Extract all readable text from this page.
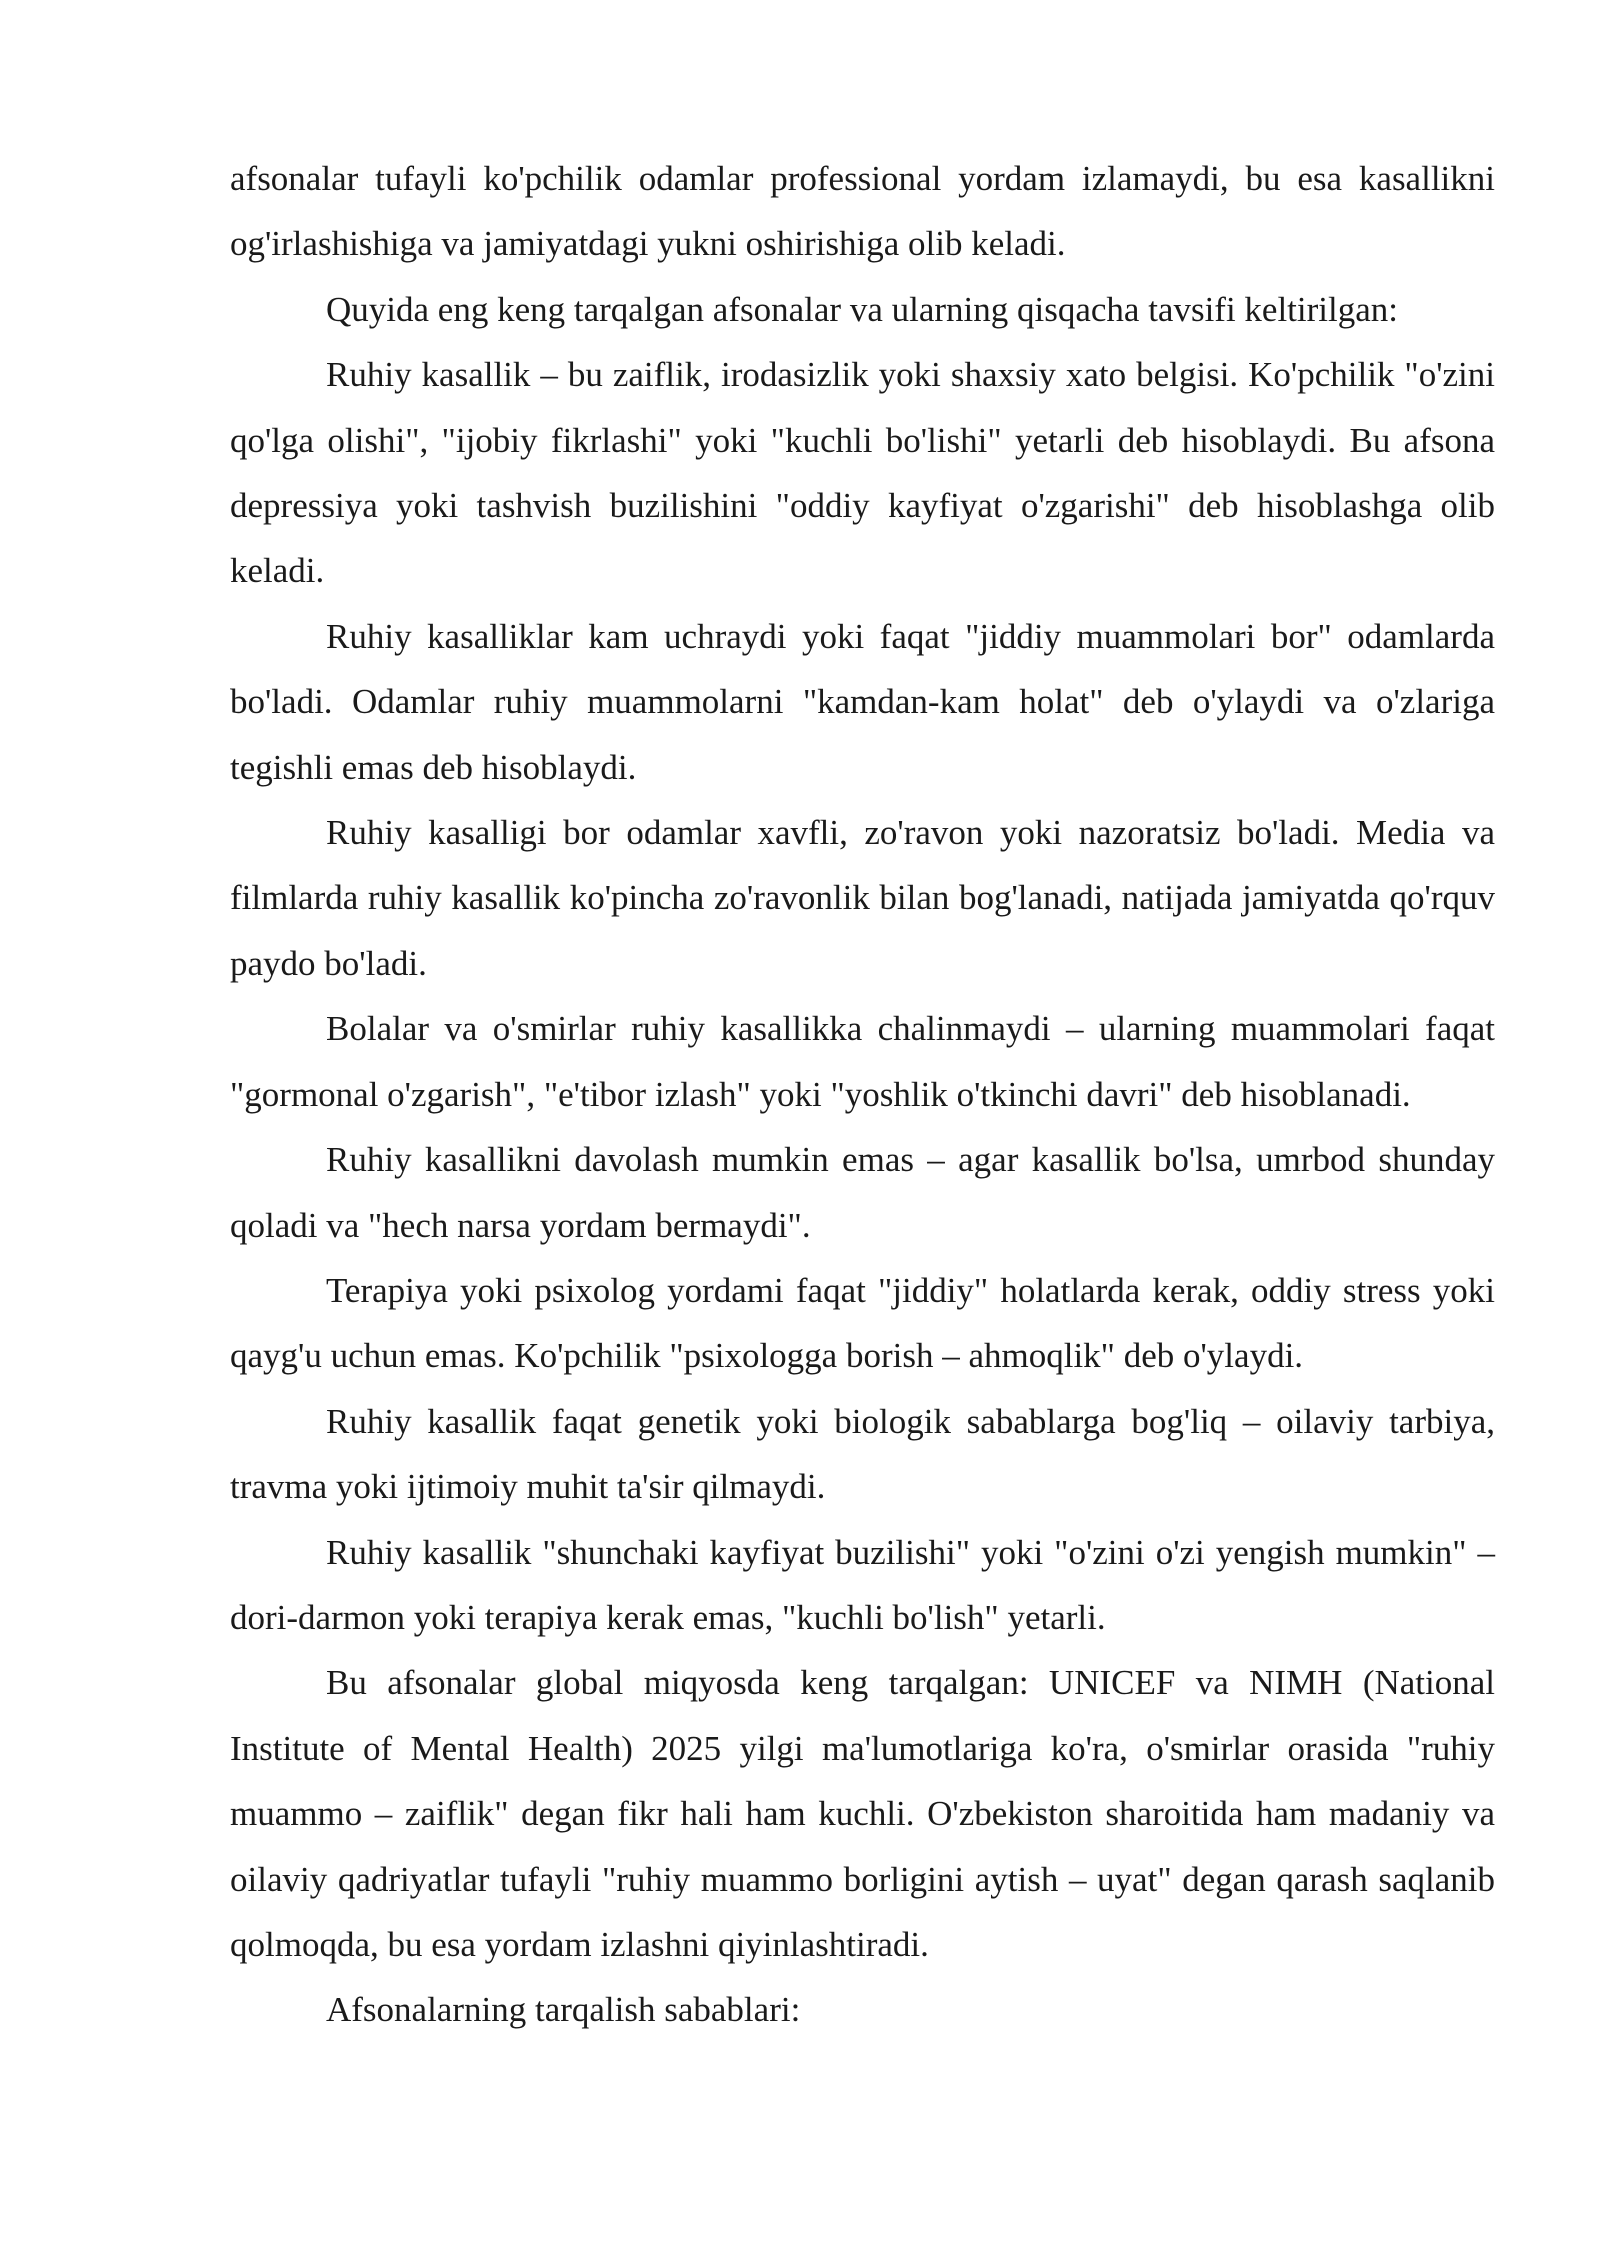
afsonalar tufayli ko'pchilik odamlar professional yordam izlamaydi, bu esa kasallikni og'irlashishiga va jamiyatdagi yukni oshirishiga olib keladi.

Quyida eng keng tarqalgan afsonalar va ularning qisqacha tavsifi keltirilgan:

Ruhiy kasallik – bu zaiflik, irodasizlik yoki shaxsiy xato belgisi. Ko'pchilik "o'zini qo'lga olishi", "ijobiy fikrlashi" yoki "kuchli bo'lishi" yetarli deb hisoblaydi. Bu afsona depressiya yoki tashvish buzilishini "oddiy kayfiyat o'zgarishi" deb hisoblashga olib keladi.

Ruhiy kasalliklar kam uchraydi yoki faqat "jiddiy muammolari bor" odamlarda bo'ladi. Odamlar ruhiy muammolarni "kamdan-kam holat" deb o'ylaydi va o'zlariga tegishli emas deb hisoblaydi.

Ruhiy kasalligi bor odamlar xavfli, zo'ravon yoki nazoratsiz bo'ladi. Media va filmlarda ruhiy kasallik ko'pincha zo'ravonlik bilan bog'lanadi, natijada jamiyatda qo'rquv paydo bo'ladi.

Bolalar va o'smirlar ruhiy kasallikka chalinmaydi – ularning muammolari faqat "gormonal o'zgarish", "e'tibor izlash" yoki "yoshlik o'tkinchi davri" deb hisoblanadi.

Ruhiy kasallikni davolash mumkin emas – agar kasallik bo'lsa, umrbod shunday qoladi va "hech narsa yordam bermaydi".

Terapiya yoki psixolog yordami faqat "jiddiy" holatlarda kerak, oddiy stress yoki qayg'u uchun emas. Ko'pchilik "psixologga borish – ahmoqlik" deb o'ylaydi.

Ruhiy kasallik faqat genetik yoki biologik sabablarga bog'liq – oilaviy tarbiya, travma yoki ijtimoiy muhit ta'sir qilmaydi.

Ruhiy kasallik "shunchaki kayfiyat buzilishi" yoki "o'zini o'zi yengish mumkin" – dori-darmon yoki terapiya kerak emas, "kuchli bo'lish" yetarli.

Bu afsonalar global miqyosda keng tarqalgan: UNICEF va NIMH (National Institute of Mental Health) 2025 yilgi ma'lumotlariga ko'ra, o'smirlar orasida "ruhiy muammo – zaiflik" degan fikr hali ham kuchli. O'zbekiston sharoitida ham madaniy va oilaviy qadriyatlar tufayli "ruhiy muammo borligini aytish – uyat" degan qarash saqlanib qolmoqda, bu esa yordam izlashni qiyinlashtiradi.

Afsonalarning tarqalish sabablari:
